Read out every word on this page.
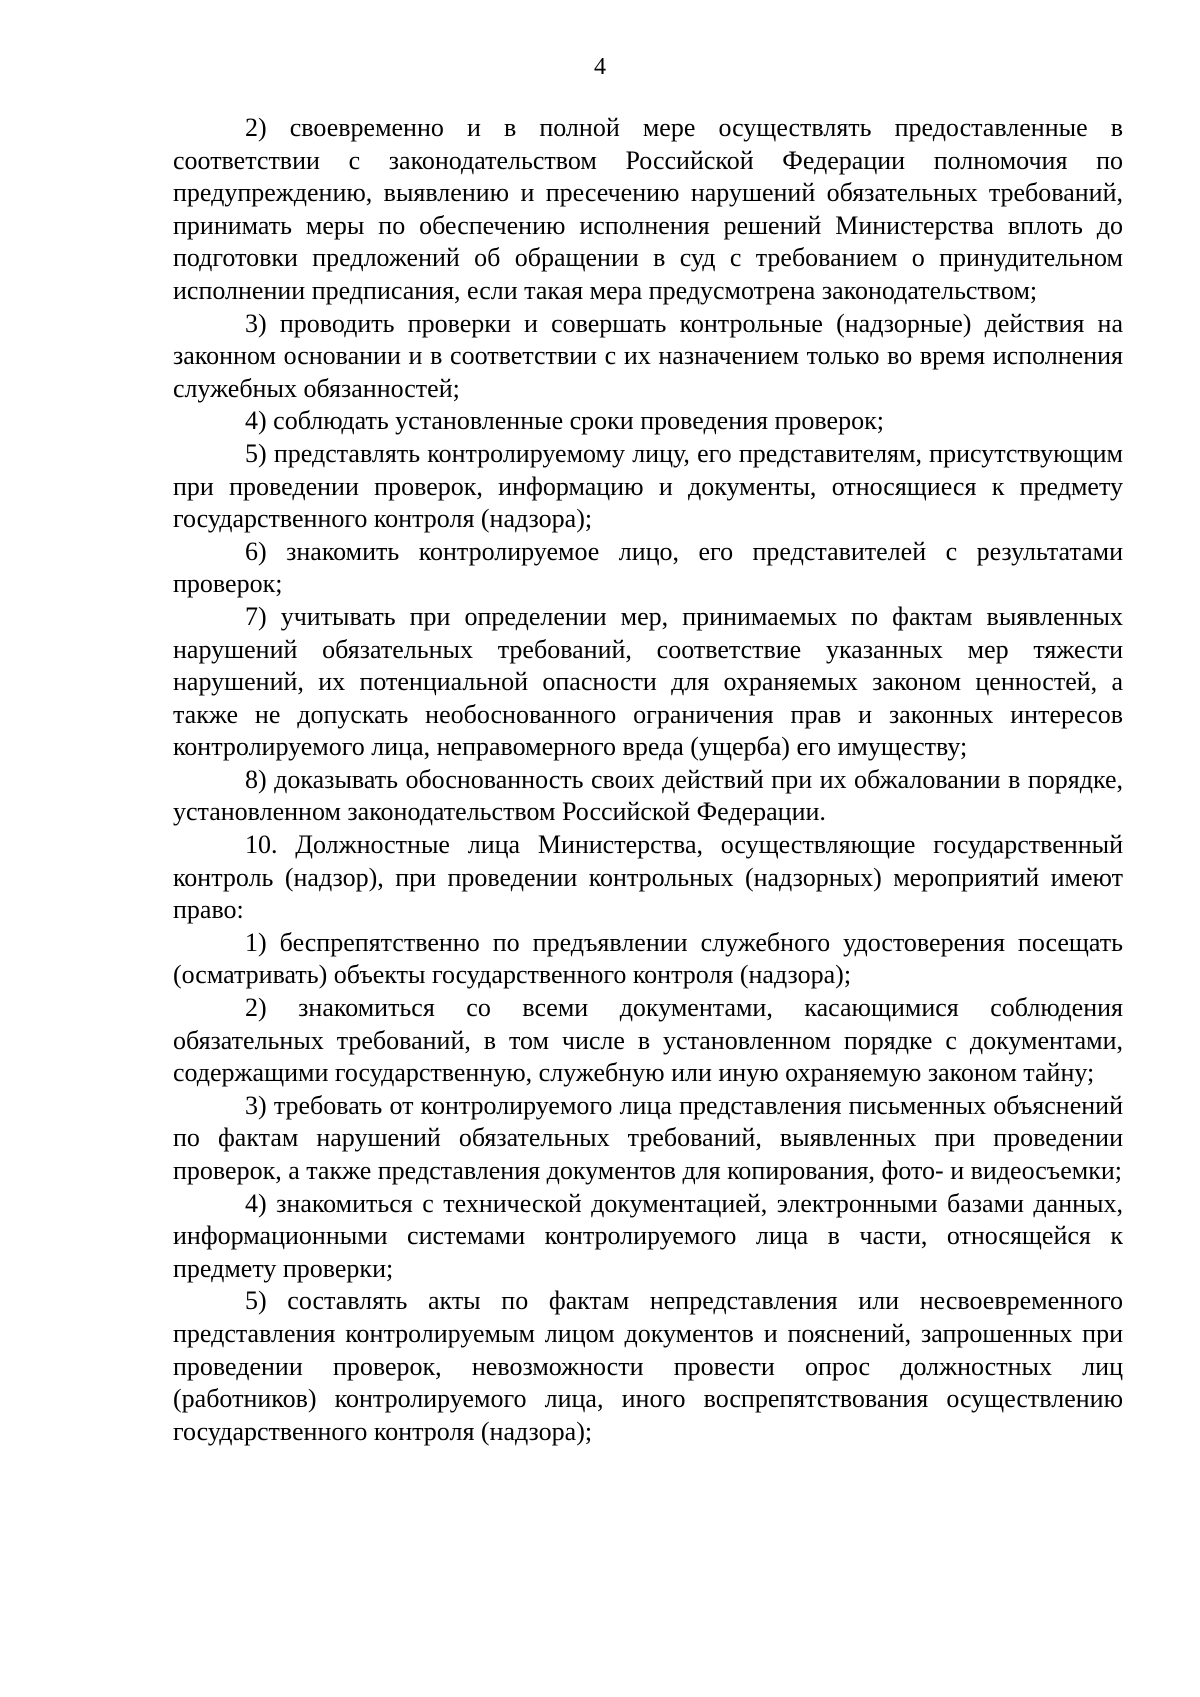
4

2) своевременно и в полной мере осуществлять предоставленные в соответствии с законодательством Российской Федерации полномочия по предупреждению, выявлению и пресечению нарушений обязательных требований, принимать меры по обеспечению исполнения решений Министерства вплоть до подготовки предложений об обращении в суд с требованием о принудительном исполнении предписания, если такая мера предусмотрена законодательством;

3) проводить проверки и совершать контрольные (надзорные) действия на законном основании и в соответствии с их назначением только во время исполнения служебных обязанностей;

4) соблюдать установленные сроки проведения проверок;

5) представлять контролируемому лицу, его представителям, присутствующим при проведении проверок, информацию и документы, относящиеся к предмету государственного контроля (надзора);

6) знакомить контролируемое лицо, его представителей с результатами проверок;

7) учитывать при определении мер, принимаемых по фактам выявленных нарушений обязательных требований, соответствие указанных мер тяжести нарушений, их потенциальной опасности для охраняемых законом ценностей, а также не допускать необоснованного ограничения прав и законных интересов контролируемого лица, неправомерного вреда (ущерба) его имуществу;

8) доказывать обоснованность своих действий при их обжаловании в порядке, установленном законодательством Российской Федерации.

10. Должностные лица Министерства, осуществляющие государственный контроль (надзор), при проведении контрольных (надзорных) мероприятий имеют право:

1) беспрепятственно по предъявлении служебного удостоверения посещать (осматривать) объекты государственного контроля (надзора);

2) знакомиться со всеми документами, касающимися соблюдения обязательных требований, в том числе в установленном порядке с документами, содержащими государственную, служебную или иную охраняемую законом тайну;

3) требовать от контролируемого лица представления письменных объяснений по фактам нарушений обязательных требований, выявленных при проведении проверок, а также представления документов для копирования, фото- и видеосъемки;

4) знакомиться с технической документацией, электронными базами данных, информационными системами контролируемого лица в части, относящейся к предмету проверки;

5) составлять акты по фактам непредставления или несвоевременного представления контролируемым лицом документов и пояснений, запрошенных при проведении проверок, невозможности провести опрос должностных лиц (работников) контролируемого лица, иного воспрепятствования осуществлению государственного контроля (надзора);
